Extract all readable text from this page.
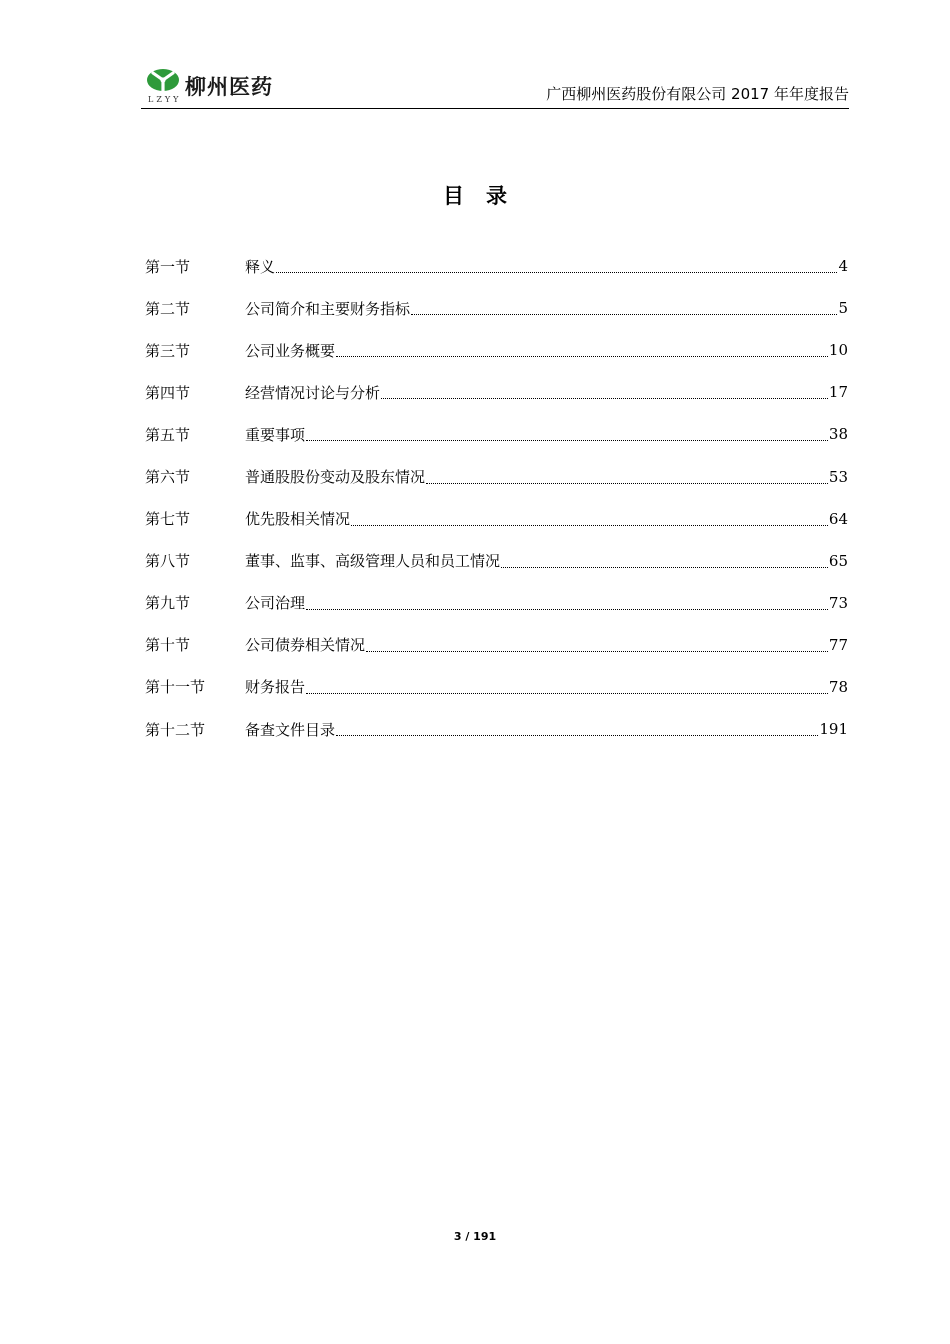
柳州医药
LZYY	广西柳州医药股份有限公司 2017 年年度报告
目录
第一节	释义	4
第二节	公司简介和主要财务指标	5
第三节	公司业务概要	10
第四节	经营情况讨论与分析	17
第五节	重要事项	38
第六节	普通股股份变动及股东情况	53
第七节	优先股相关情况	64
第八节	董事、监事、高级管理人员和员工情况	65
第九节	公司治理	73
第十节	公司债券相关情况	77
第十一节	财务报告	78
第十二节	备查文件目录	191
3 / 191
